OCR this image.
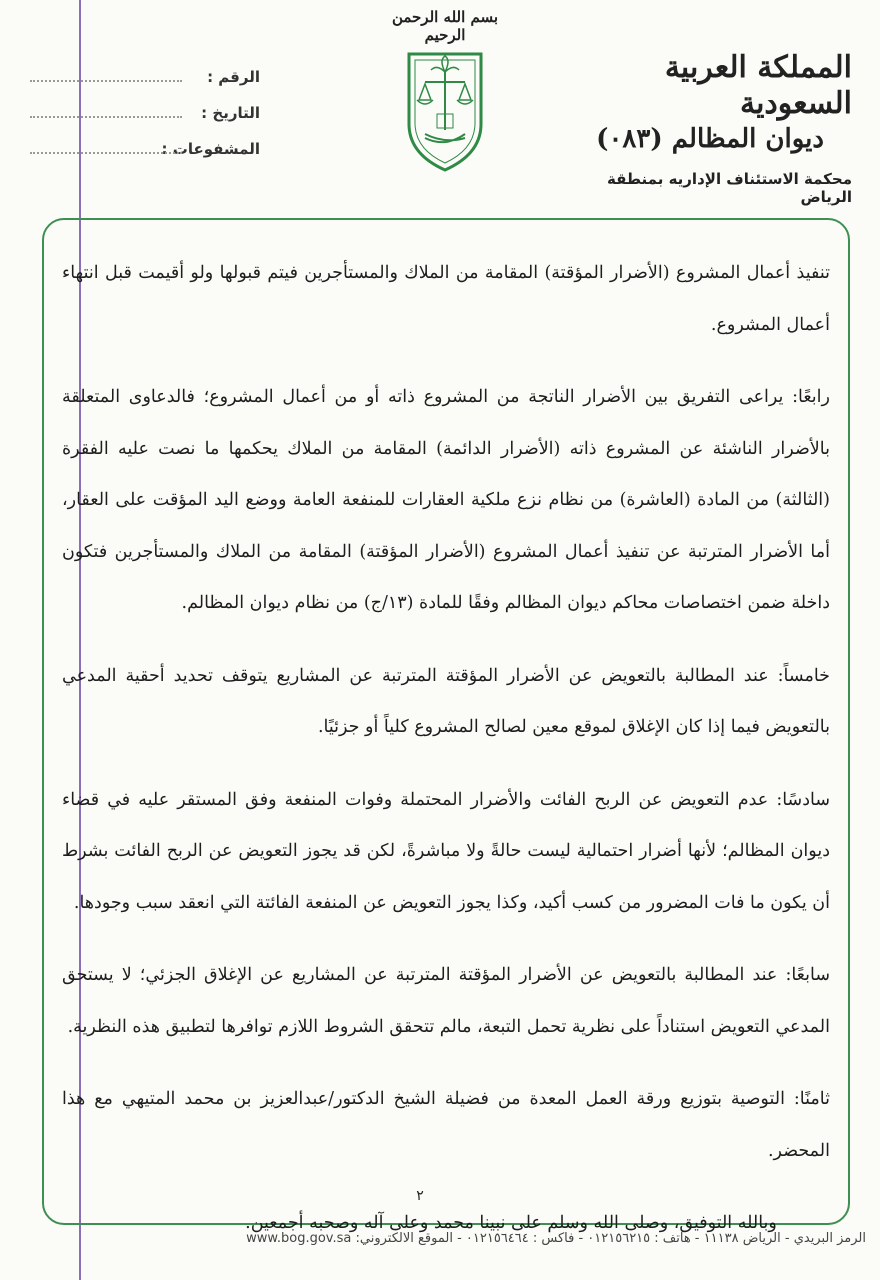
المملكة العربية السعودية
ديوان المظالم (٠٨٣)
محكمة الاستئناف الإداريه بمنطقة الرياض
بسم الله الرحمن الرحيم
الرقم :
التاريخ :
المشفوعات :

تنفيذ أعمال المشروع (الأضرار المؤقتة) المقامة من الملاك والمستأجرين فيتم قبولها ولو أقيمت قبل انتهاء أعمال المشروع.

رابعًا: يراعى التفريق بين الأضرار الناتجة من المشروع ذاته أو من أعمال المشروع؛ فالدعاوى المتعلقة بالأضرار الناشئة عن المشروع ذاته (الأضرار الدائمة) المقامة من الملاك يحكمها ما نصت عليه الفقرة (الثالثة) من المادة (العاشرة) من نظام نزع ملكية العقارات للمنفعة العامة ووضع اليد المؤقت على العقار، أما الأضرار المترتبة عن تنفيذ أعمال المشروع (الأضرار المؤقتة) المقامة من الملاك والمستأجرين فتكون داخلة ضمن اختصاصات محاكم ديوان المظالم وفقًا للمادة (١٣/ج) من نظام ديوان المظالم.

خامساً: عند المطالبة بالتعويض عن الأضرار المؤقتة المترتبة عن المشاريع يتوقف تحديد أحقية المدعي بالتعويض فيما إذا كان الإغلاق لموقع معين لصالح المشروع كلياً أو جزئيًا.

سادسًا: عدم التعويض عن الربح الفائت والأضرار المحتملة وفوات المنفعة وفق المستقر عليه في قضاء ديوان المظالم؛ لأنها أضرار احتمالية ليست حالةً ولا مباشرةً، لكن قد يجوز التعويض عن الربح الفائت بشرط أن يكون ما فات المضرور من كسب أكيد، وكذا يجوز التعويض عن المنفعة الفائتة التي انعقد سبب وجودها.

سابعًا: عند المطالبة بالتعويض عن الأضرار المؤقتة المترتبة عن المشاريع عن الإغلاق الجزئي؛ لا يستحق المدعي التعويض استناداً على نظرية تحمل التبعة، مالم تتحقق الشروط اللازم توافرها لتطبيق هذه النظرية.

ثامنًا: التوصية بتوزيع ورقة العمل المعدة من فضيلة الشيخ الدكتور/عبدالعزيز بن محمد المتيهي مع هذا المحضر.

وبالله التوفيق، وصلى الله وسلم على نبينا محمد وعلى آله وصحبه أجمعين.

٢
الرمز البريدي - الرياض ١١١٣٨ - هاتف : ٠١٢١٥٦٢١٥ - فاكس : ٠١٢١٥٦٤٦٤ - الموقع الالكتروني: www.bog.gov.sa
